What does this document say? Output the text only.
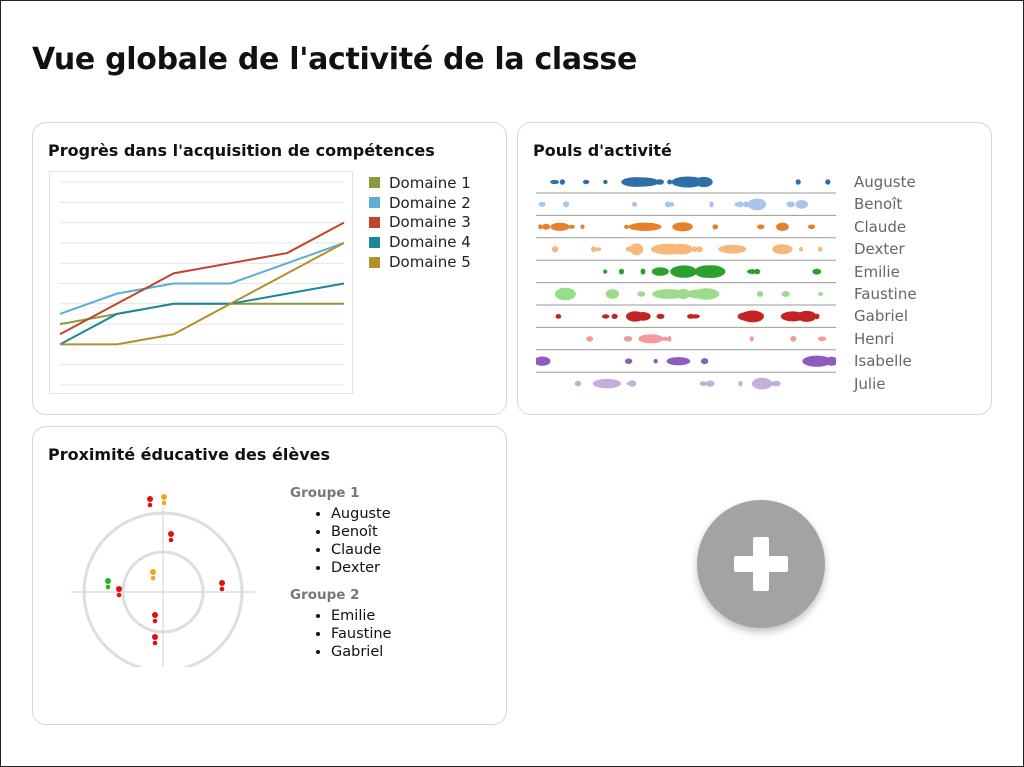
Vue globale de l'activité de la classe
Progrès dans l'acquisition de compétences
Domaine 1
Domaine 2
Domaine 3
Domaine 4
Domaine 5
Pouls d'activité
Auguste
Benoît
Claude
Dexter
Emilie
Faustine
Gabriel
Henri
Isabelle
Julie
Proximité éducative des élèves
Groupe 1
• Auguste
• Benoît
• Claude
• Dexter
Groupe 2
• Emilie
• Faustine
• Gabriel
